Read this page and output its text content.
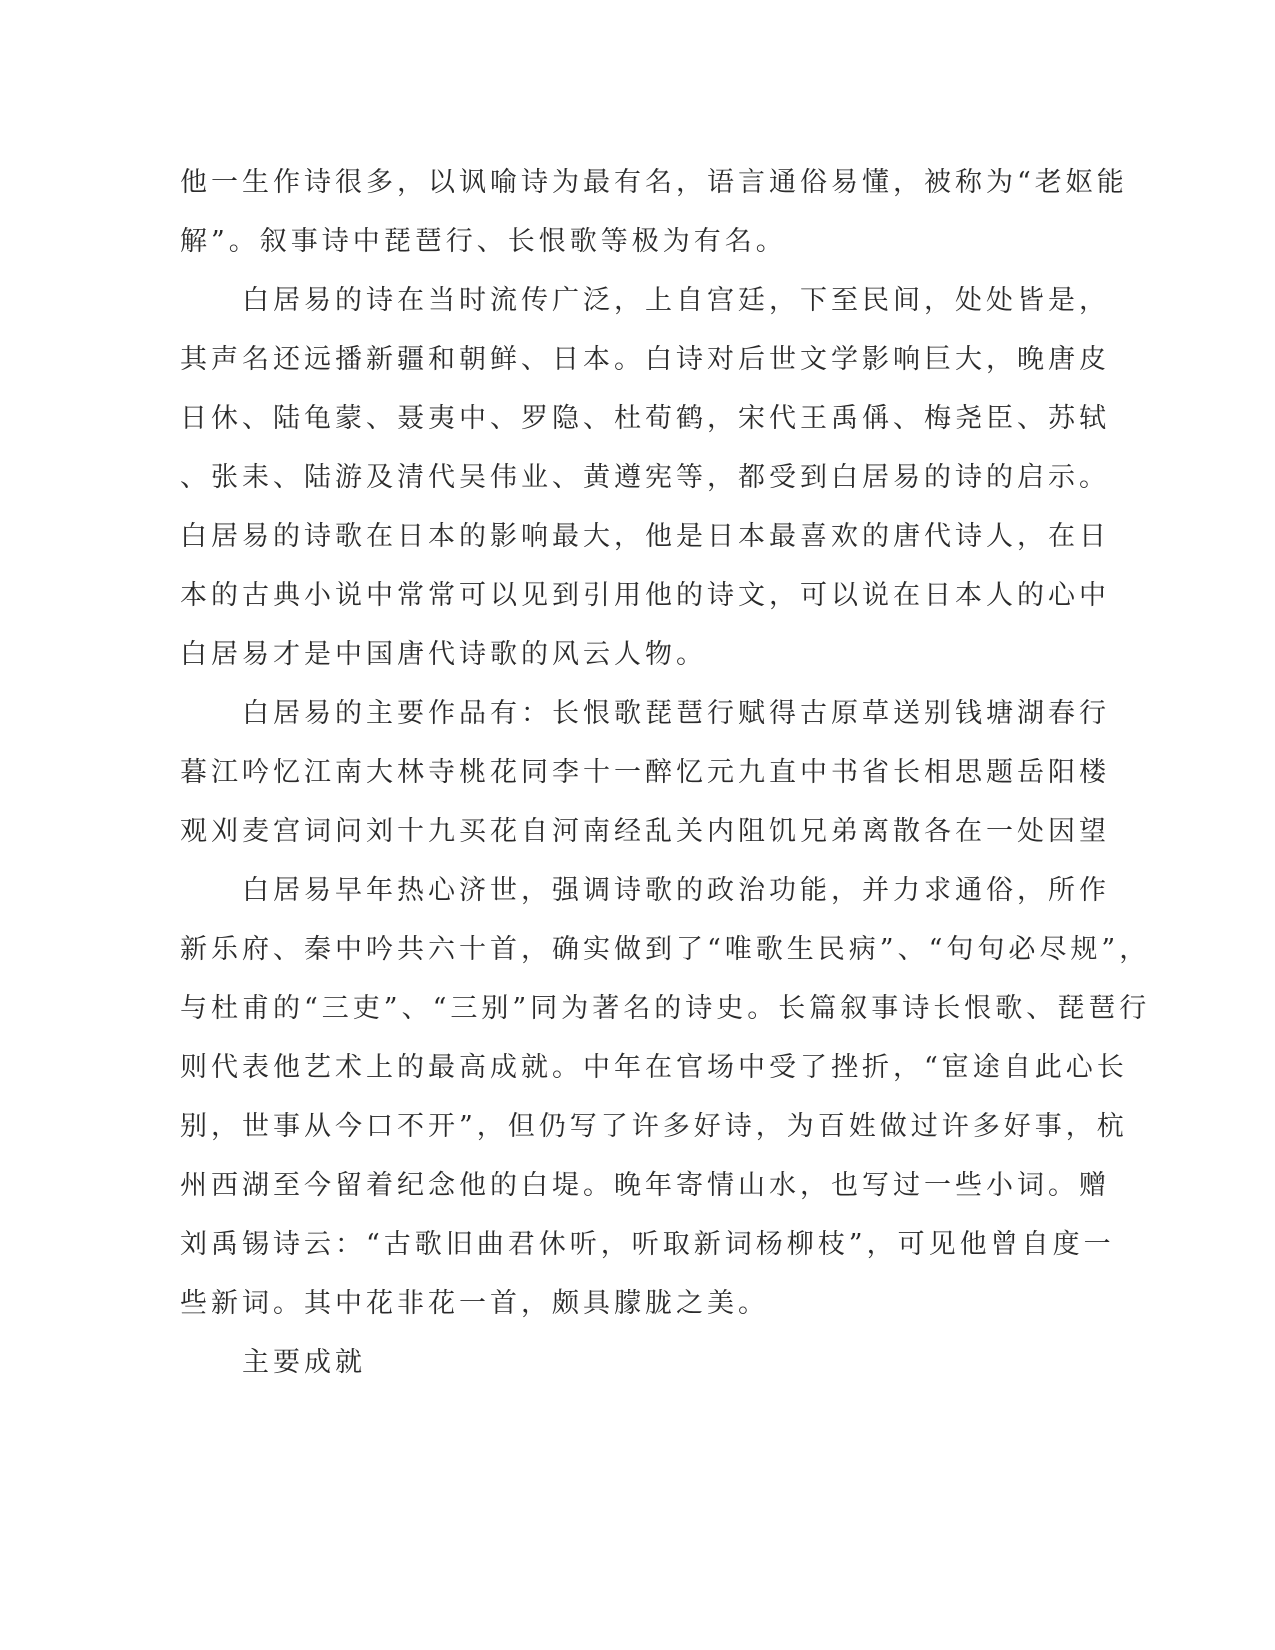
他一生作诗很多，以讽喻诗为最有名，语言通俗易懂，被称为“老妪能
解”。叙事诗中琵琶行、长恨歌等极为有名。
　　白居易的诗在当时流传广泛，上自宫廷，下至民间，处处皆是，
其声名还远播新疆和朝鲜、日本。白诗对后世文学影响巨大，晚唐皮
日休、陆龟蒙、聂夷中、罗隐、杜荀鹤，宋代王禹偁、梅尧臣、苏轼
、张耒、陆游及清代吴伟业、黄遵宪等，都受到白居易的诗的启示。
白居易的诗歌在日本的影响最大，他是日本最喜欢的唐代诗人，在日
本的古典小说中常常可以见到引用他的诗文，可以说在日本人的心中
白居易才是中国唐代诗歌的风云人物。
　　白居易的主要作品有：长恨歌琵琶行赋得古原草送别钱塘湖春行
暮江吟忆江南大林寺桃花同李十一醉忆元九直中书省长相思题岳阳楼
观刈麦宫词问刘十九买花自河南经乱关内阻饥兄弟离散各在一处因望
　　白居易早年热心济世，强调诗歌的政治功能，并力求通俗，所作
新乐府、秦中吟共六十首，确实做到了“唯歌生民病”、“句句必尽规”，
与杜甫的“三吏”、“三别”同为著名的诗史。长篇叙事诗长恨歌、琵琶行
则代表他艺术上的最高成就。中年在官场中受了挫折，“宦途自此心长
别，世事从今口不开”，但仍写了许多好诗，为百姓做过许多好事，杭
州西湖至今留着纪念他的白堤。晚年寄情山水，也写过一些小词。赠
刘禹锡诗云：“古歌旧曲君休听，听取新词杨柳枝”，可见他曾自度一
些新词。其中花非花一首，颇具朦胧之美。
　　主要成就
